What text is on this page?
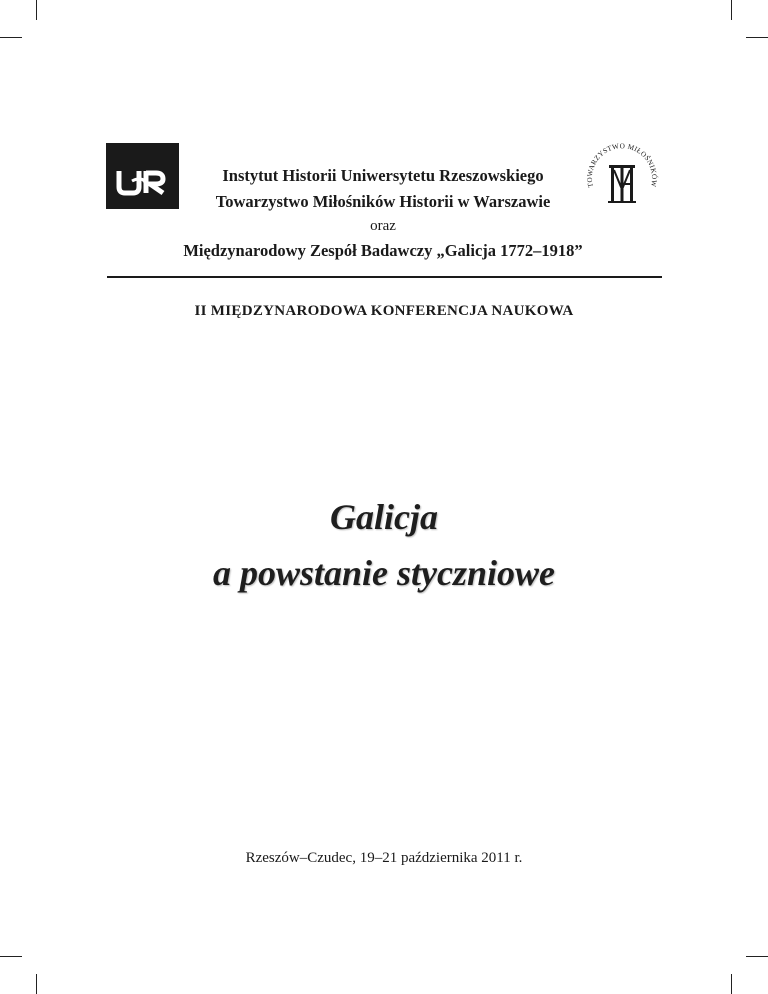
TOWARZYSTWO MIŁOŚNIKÓW
Instytut Historii Uniwersytetu Rzeszowskiego
Towarzystwo Miłośników Historii w Warszawie
oraz
Międzynarodowy Zespół Badawczy „Galicja 1772–1918”
II MIĘDZYNARODOWA KONFERENCJA NAUKOWA
Galicja
a powstanie styczniowe
Rzeszów–Czudec, 19–21 października 2011 r.
